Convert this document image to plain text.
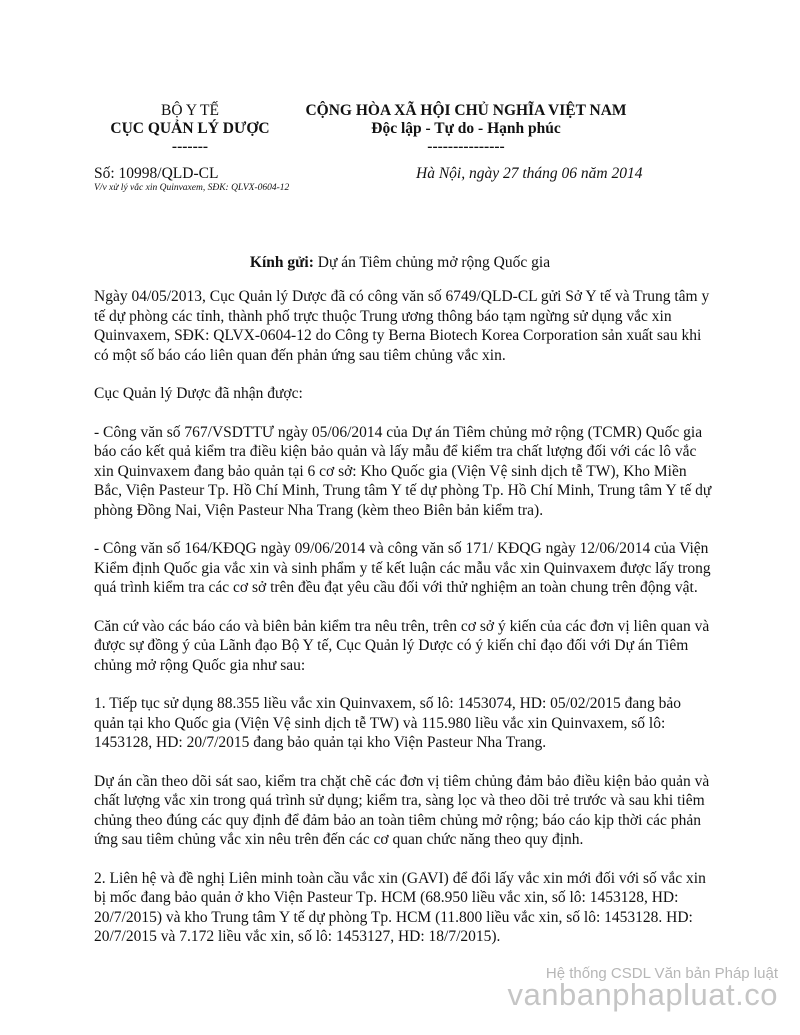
BỘ Y TẾ
CỤC QUẢN LÝ DƯỢC
-------
CỘNG HÒA XÃ HỘI CHỦ NGHĨA VIỆT NAM
Độc lập - Tự do - Hạnh phúc
---------------
Số: 10998/QLD-CL
V/v xử lý vắc xin Quinvaxem, SĐK: QLVX-0604-12
Hà Nội, ngày 27 tháng 06 năm 2014
Kính gửi: Dự án Tiêm chủng mở rộng Quốc gia

Ngày 04/05/2013, Cục Quản lý Dược đã có công văn số 6749/QLD-CL gửi Sở Y tế và Trung tâm y tế dự phòng các tỉnh, thành phố trực thuộc Trung ương thông báo tạm ngừng sử dụng vắc xin Quinvaxem, SĐK: QLVX-0604-12 do Công ty Berna Biotech Korea Corporation sản xuất sau khi có một số báo cáo liên quan đến phản ứng sau tiêm chủng vắc xin.

Cục Quản lý Dược đã nhận được:

- Công văn số 767/VSDTTƯ ngày 05/06/2014 của Dự án Tiêm chủng mở rộng (TCMR) Quốc gia báo cáo kết quả kiểm tra điều kiện bảo quản và lấy mẫu để kiểm tra chất lượng đối với các lô vắc xin Quinvaxem đang bảo quản tại 6 cơ sở: Kho Quốc gia (Viện Vệ sinh dịch tễ TW), Kho Miền Bắc, Viện Pasteur Tp. Hồ Chí Minh, Trung tâm Y tế dự phòng Tp. Hồ Chí Minh, Trung tâm Y tế dự phòng Đồng Nai, Viện Pasteur Nha Trang (kèm theo Biên bản kiểm tra).

- Công văn số 164/KĐQG ngày 09/06/2014 và công văn số 171/ KĐQG ngày 12/06/2014 của Viện Kiểm định Quốc gia vắc xin và sinh phẩm y tế kết luận các mẫu vắc xin Quinvaxem được lấy trong quá trình kiểm tra các cơ sở trên đều đạt yêu cầu đối với thử nghiệm an toàn chung trên động vật.

Căn cứ vào các báo cáo và biên bản kiểm tra nêu trên, trên cơ sở ý kiến của các đơn vị liên quan và được sự đồng ý của Lãnh đạo Bộ Y tế, Cục Quản lý Dược có ý kiến chỉ đạo đối với Dự án Tiêm chủng mở rộng Quốc gia như sau:

1. Tiếp tục sử dụng 88.355 liều vắc xin Quinvaxem, số lô: 1453074, HD: 05/02/2015 đang bảo quản tại kho Quốc gia (Viện Vệ sinh dịch tễ TW) và 115.980 liều vắc xin Quinvaxem, số lô: 1453128, HD: 20/7/2015 đang bảo quản tại kho Viện Pasteur Nha Trang.

Dự án cần theo dõi sát sao, kiểm tra chặt chẽ các đơn vị tiêm chủng đảm bảo điều kiện bảo quản và chất lượng vắc xin trong quá trình sử dụng; kiểm tra, sàng lọc và theo dõi trẻ trước và sau khi tiêm chủng theo đúng các quy định để đảm bảo an toàn tiêm chủng mở rộng; báo cáo kịp thời các phản ứng sau tiêm chủng vắc xin nêu trên đến các cơ quan chức năng theo quy định.

2. Liên hệ và đề nghị Liên minh toàn cầu vắc xin (GAVI) để đổi lấy vắc xin mới đối với số vắc xin bị mốc đang bảo quản ở kho Viện Pasteur Tp. HCM (68.950 liều vắc xin, số lô: 1453128, HD: 20/7/2015) và kho Trung tâm Y tế dự phòng Tp. HCM (11.800 liều vắc xin, số lô: 1453128. HD: 20/7/2015 và 7.172 liều vắc xin, số lô: 1453127, HD: 18/7/2015).

Hệ thống CSDL Văn bản Pháp luật
vanbanphapluat.co
